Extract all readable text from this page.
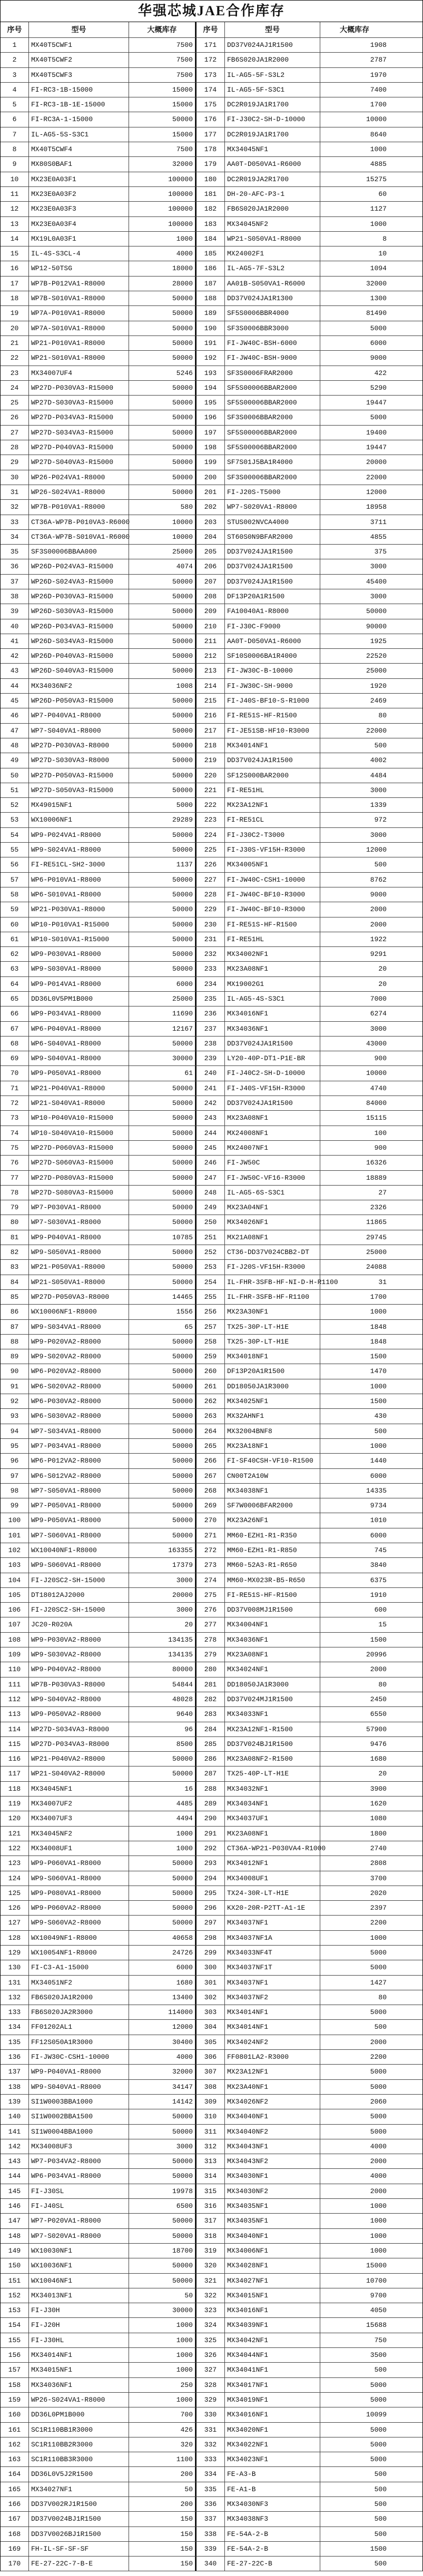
华强芯城JAE合作库存
序号	型号	大概库存	序号	型号	大概库存
1	MX40T5CWF1	7500	171	DD37V024AJ1R1500	1908
2	MX40T5CWF2	7500	172	FB6S020JA1R2000	2787
3	MX40T5CWF3	7500	173	IL-AG5-5F-S3L2	1970
4	FI-RC3-1B-15000	15000	174	IL-AG5-5F-S3C1	7400
5	FI-RC3-1B-1E-15000	15000	175	DC2R019JA1R1700	1700
6	FI-RC3A-1-15000	50000	176	FI-J30C2-SH-D-10000	10000
7	IL-AG5-5S-S3C1	15000	177	DC2R019JA1R1700	8640
8	MX40T5CWF4	7500	178	MX34045NF1	1000
9	MX80S0BAF1	32000	179	AA0T-D050VA1-R6000	4885
10	MX23E0A03F1	100000	180	DC2R019JA2R1700	15275
11	MX23E0A03F2	100000	181	DH-20-AFC-P3-1	60
12	MX23E0A03F3	100000	182	FB6S020JA1R2000	1127
13	MX23E0A03F4	100000	183	MX34045NF2	1000
14	MX19L0A03F1	1000	184	WP21-S050VA1-R8000	8
15	IL-4S-S3CL-4	4000	185	MX24002F1	10
16	WP12-50TSG	18000	186	IL-AG5-7F-S3L2	1094
17	WP7B-P012VA1-R8000	28000	187	AA01B-S050VA1-R6000	32000
18	WP7B-S010VA1-R8000	50000	188	DD37V024JA1R1300	1300
19	WP7A-P010VA1-R8000	50000	189	SF5S0006BBR4000	81490
20	WP7A-S010VA1-R8000	50000	190	SF3S0006BBR3000	5000
21	WP21-P010VA1-R8000	50000	191	FI-JW40C-BSH-6000	6000
22	WP21-S010VA1-R8000	50000	192	FI-JW40C-BSH-9000	9000
23	MX34007UF4	5246	193	SF3S0006FRAR2000	422
24	WP27D-P030VA3-R15000	50000	194	SF5S00006BBAR2000	5290
25	WP27D-S030VA3-R15000	50000	195	SF5S00006BBAR2000	19447
26	WP27D-P034VA3-R15000	50000	196	SF3S0006BBAR2000	5000
27	WP27D-S034VA3-R15000	50000	197	SF5S00006BBAR2000	19400
28	WP27D-P040VA3-R15000	50000	198	SF5S00006BBAR2000	19447
29	WP27D-S040VA3-R15000	50000	199	SF7S01J5BA1R4000	20000
30	WP26-P024VA1-R8000	50000	200	SF3S00006BBAR2000	22000
31	WP26-S024VA1-R8000	50000	201	FI-J20S-T5000	12000
32	WP7B-P010VA1-R8000	580	202	WP7-S020VA1-R8000	18958
33	CT36A-WP7B-P010VA3-R6000	10000	203	STUS002NVCA4000	3711
34	CT36A-WP7B-S010VA1-R6000	10000	204	ST60S0N9BFAR2000	4855
35	SF3S00006BBAA000	25000	205	DD37V024JA1R1500	375
36	WP26D-P024VA3-R15000	4074	206	DD37V024JA1R1500	3000
37	WP26D-S024VA3-R15000	50000	207	DD37V024JA1R1500	45400
38	WP26D-P030VA3-R15000	50000	208	DF13P20A1R1500	3000
39	WP26D-S030VA3-R15000	50000	209	FA10040A1-R8000	50000
40	WP26D-P034VA3-R15000	50000	210	FI-J30C-F9000	90000
41	WP26D-S034VA3-R15000	50000	211	AA0T-D050VA1-R6000	1925
42	WP26D-P040VA3-R15000	50000	212	SF10S0006BA1R4000	22520
43	WP26D-S040VA3-R15000	50000	213	FI-JW30C-B-10000	25000
44	MX34036NF2	1008	214	FI-JW30C-SH-9000	1920
45	WP26D-P050VA3-R15000	50000	215	FI-J40S-BF10-S-R1000	2469
46	WP7-P040VA1-R8000	50000	216	FI-RE51S-HF-R1500	80
47	WP7-S040VA1-R8000	50000	217	FI-JE51SB-HF10-R3000	22000
48	WP27D-P030VA3-R8000	50000	218	MX34014NF1	500
49	WP27D-S030VA3-R8000	50000	219	DD37V024JA1R1500	4002
50	WP27D-P050VA3-R15000	50000	220	SF12S000BAR2000	4484
51	WP27D-S050VA3-R15000	50000	221	FI-RE51HL	3000
52	MX49015NF1	5000	222	MX23A12NF1	1339
53	WX10006NF1	29289	223	FI-RE51CL	972
54	WP9-P024VA1-R8000	50000	224	FI-J30C2-T3000	3000
55	WP9-S024VA1-R8000	50000	225	FI-J30S-VF15H-R3000	12000
56	FI-RE51CL-SH2-3000	1137	226	MX34005NF1	500
57	WP6-P010VA1-R8000	50000	227	FI-JW40C-CSH1-10000	8762
58	WP6-S010VA1-R8000	50000	228	FI-JW40C-BF10-R3000	9000
59	WP21-P030VA1-R8000	50000	229	FI-JW40C-BF10-R3000	2000
60	WP10-P010VA1-R15000	50000	230	FI-RE51S-HF-R1500	2000
61	WP10-S010VA1-R15000	50000	231	FI-RE51HL	1922
62	WP9-P030VA1-R8000	50000	232	MX34002NF1	9291
63	WP9-S030VA1-R8000	50000	233	MX23A08NF1	20
64	WP9-P014VA1-R8000	6000	234	MX19002G1	20
65	DD36L0V5PM1B000	25000	235	IL-AG5-4S-S3C1	7000
66	WP9-P034VA1-R8000	11690	236	MX34016NF1	6274
67	WP6-P040VA1-R8000	12167	237	MX34036NF1	3000
68	WP6-S040VA1-R8000	50000	238	DD37V024JA1R1500	43000
69	WP9-S040VA1-R8000	30000	239	LY20-40P-DT1-P1E-BR	900
70	WP9-P050VA1-R8000	61	240	FI-J40C2-SH-D-10000	10000
71	WP21-P040VA1-R8000	50000	241	FI-J40S-VF15H-R3000	4740
72	WP21-S040VA1-R8000	50000	242	DD37V024JA1R1500	84000
73	WP10-P040VA10-R15000	50000	243	MX23A08NF1	15115
74	WP10-S040VA10-R15000	50000	244	MX24008NF1	100
75	WP27D-P060VA3-R15000	50000	245	MX24007NF1	900
76	WP27D-S060VA3-R15000	50000	246	FI-JW50C	16326
77	WP27D-P080VA3-R15000	50000	247	FI-JW50C-VF16-R3000	18889
78	WP27D-S080VA3-R15000	50000	248	IL-AG5-6S-S3C1	27
79	WP7-P030VA1-R8000	50000	249	MX23A04NF1	2326
80	WP7-S030VA1-R8000	50000	250	MX34026NF1	11865
81	WP9-P040VA1-R8000	10785	251	MX21A08NF1	29745
82	WP9-S050VA1-R8000	50000	252	CT36-DD37V024CBB2-DT	25000
83	WP21-P050VA1-R8000	50000	253	FI-J20S-VF15H-R3000	24088
84	WP21-S050VA1-R8000	50000	254	IL-FHR-3SFB-HF-NI-D-H-R1100	31
85	WP27D-P050VA3-R8000	14465	255	IL-FHR-3SFB-HF-R1100	1700
86	WX10006NF1-R8000	1556	256	MX23A30NF1	1000
87	WP9-S034VA1-R8000	65	257	TX25-30P-LT-H1E	1848
88	WP9-P020VA2-R8000	50000	258	TX25-30P-LT-H1E	1848
89	WP9-S020VA2-R8000	50000	259	MX34018NF1	1500
90	WP6-P020VA2-R8000	50000	260	DF13P20A1R1500	1470
91	WP6-S020VA2-R8000	50000	261	DD18050JA1R3000	1000
92	WP6-P030VA2-R8000	50000	262	MX34025NF1	1500
93	WP6-S030VA2-R8000	50000	263	MX32AHNF1	430
94	WP7-S034VA1-R8000	50000	264	MX32004BNF8	500
95	WP7-P034VA1-R8000	50000	265	MX23A18NF1	1000
96	WP6-P012VA2-R8000	50000	266	FI-SF40CSH-VF10-R1500	1440
97	WP6-S012VA2-R8000	50000	267	CN00T2A10W	6000
98	WP7-S050VA1-R8000	50000	268	MX34038NF1	14335
99	WP7-P050VA1-R8000	50000	269	SF7W0006BFAR2000	9734
100	WP9-P050VA1-R8000	50000	270	MX23A26NF1	1010
101	WP7-S060VA1-R8000	50000	271	MM60-EZH1-R1-R350	6000
102	WX10040NF1-R8000	163355	272	MM60-EZH1-R1-R850	745
103	WP9-S060VA1-R8000	17379	273	MM60-52A3-R1-R650	3840
104	FI-J20SC2-SH-15000	3000	274	MM60-MX023R-B5-R650	6375
105	DT18012AJ2000	20000	275	FI-RE51S-HF-R1500	1910
106	FI-J20SC2-SH-15000	3000	276	DD37V008MJ1R1500	600
107	JC20-R020A	20	277	MX34004NF1	15
108	WP9-P030VA2-R8000	134135	278	MX34036NF1	1500
109	WP9-S030VA2-R8000	134135	279	MX23A08NF1	20996
110	WP9-P040VA2-R8000	80000	280	MX34024NF1	2000
111	WP7B-P030VA3-R8000	54844	281	DD18050JA1R3000	80
112	WP9-S040VA2-R8000	48028	282	DD37V024MJ1R1500	2450
113	WP9-P050VA2-R8000	9640	283	MX34033NF1	6550
114	WP27D-S034VA3-R8000	96	284	MX23A12NF1-R1500	57900
115	WP27D-P034VA3-R8000	8500	285	DD37V024BJ1R1500	9476
116	WP21-P040VA2-R8000	50000	286	MX23A08NF2-R1500	1680
117	WP21-S040VA2-R8000	50000	287	TX25-40P-LT-H1E	20
118	MX34045NF1	16	288	MX34032NF1	3900
119	MX34007UF2	4485	289	MX34034NF1	1620
120	MX34007UF3	4494	290	MX34037UF1	1080
121	MX34045NF2	1000	291	MX23A08NF1	1800
122	MX34008UF1	1000	292	CT36A-WP21-P030VA4-R1000	2740
123	WP9-P060VA1-R8000	50000	293	MX34012NF1	2808
124	WP9-S060VA1-R8000	50000	294	MX34008UF1	3700
125	WP9-P080VA1-R8000	50000	295	TX24-30R-LT-H1E	2020
126	WP9-P060VA2-R8000	50000	296	KX20-20R-P2TT-A1-1E	2397
127	WP9-S060VA2-R8000	50000	297	MX34037NF1	2200
128	WX10049NF1-R8000	40658	298	MX34037NF1A	1000
129	WX10054NF1-R8000	24726	299	MX34033NF4T	5000
130	FI-C3-A1-15000	6000	300	MX34037NF1T	5000
131	MX34051NF2	1680	301	MX34037NF1	1427
132	FB6S020JA1R2000	13400	302	MX34037NF2	80
133	FB6S020JA2R3000	114000	303	MX34014NF1	5000
134	FF01202AL1	12000	304	MX34014NF1	500
135	FF12S050A1R3000	30400	305	MX34024NF2	2000
136	FI-JW30C-CSH1-10000	4000	306	FF0801LA2-R3000	2200
137	WP9-P040VA1-R8000	32000	307	MX23A12NF1	5000
138	WP9-S040VA1-R8000	34147	308	MX23A40NF1	5000
139	SI1W0003BBA1000	14142	309	MX34026NF2	2060
140	SI1W0002BBA1500	50000	310	MX34040NF1	5000
141	SI1W0004BBA1000	50000	311	MX34040NF2	5000
142	MX34008UF3	3000	312	MX34043NF1	4000
143	WP7-P034VA2-R8000	50000	313	MX34043NF2	2000
144	WP6-P034VA1-R8000	50000	314	MX34030NF1	4000
145	FI-J30SL	19978	315	MX34030NF2	2000
146	FI-J40SL	6500	316	MX34035NF1	1000
147	WP7-P020VA1-R8000	50000	317	MX34035NF1	1000
148	WP7-S020VA1-R8000	50000	318	MX34040NF1	1000
149	WX10030NF1	18700	319	MX34006NF1	1000
150	WX10036NF1	50000	320	MX34028NF1	15000
151	WX10046NF1	50000	321	MX34027NF1	10700
152	MX34013NF1	50	322	MX34015NF1	9700
153	FI-J30H	30000	323	MX34016NF1	4050
154	FI-J20H	1000	324	MX34039NF1	15688
155	FI-J30HL	1000	325	MX34042NF1	750
156	MX34014NF1	1000	326	MX34044NF1	3500
157	MX34015NF1	1000	327	MX34041NF1	500
158	MX34036NF1	250	328	MX34017NF1	5000
159	WP26-S024VA1-R8000	1000	329	MX34019NF1	5000
160	DD36L0PM1B000	700	330	MX34016NF1	10099
161	SC1R110BB1R3000	426	331	MX34020NF1	5000
162	SC1R110BB2R3000	320	332	MX34022NF1	5000
163	SC1R110BB3R3000	1100	333	MX34023NF1	5000
164	DD36L0V5J2R1500	200	334	FE-A3-B	500
165	MX34027NF1	50	335	FE-A1-B	500
166	DD37V002RJ1R1500	200	336	MX34030NF3	500
167	DD37V0024BJ1R1500	150	337	MX34038NF3	500
168	DD37V0026BJ1R1500	150	338	FE-54A-2-B	500
169	FH-IL-SF-SF-SF	150	339	FE-54A-2-B	1500
170	FE-27-22C-7-B-E	150	340	FE-27-22C-B	500
